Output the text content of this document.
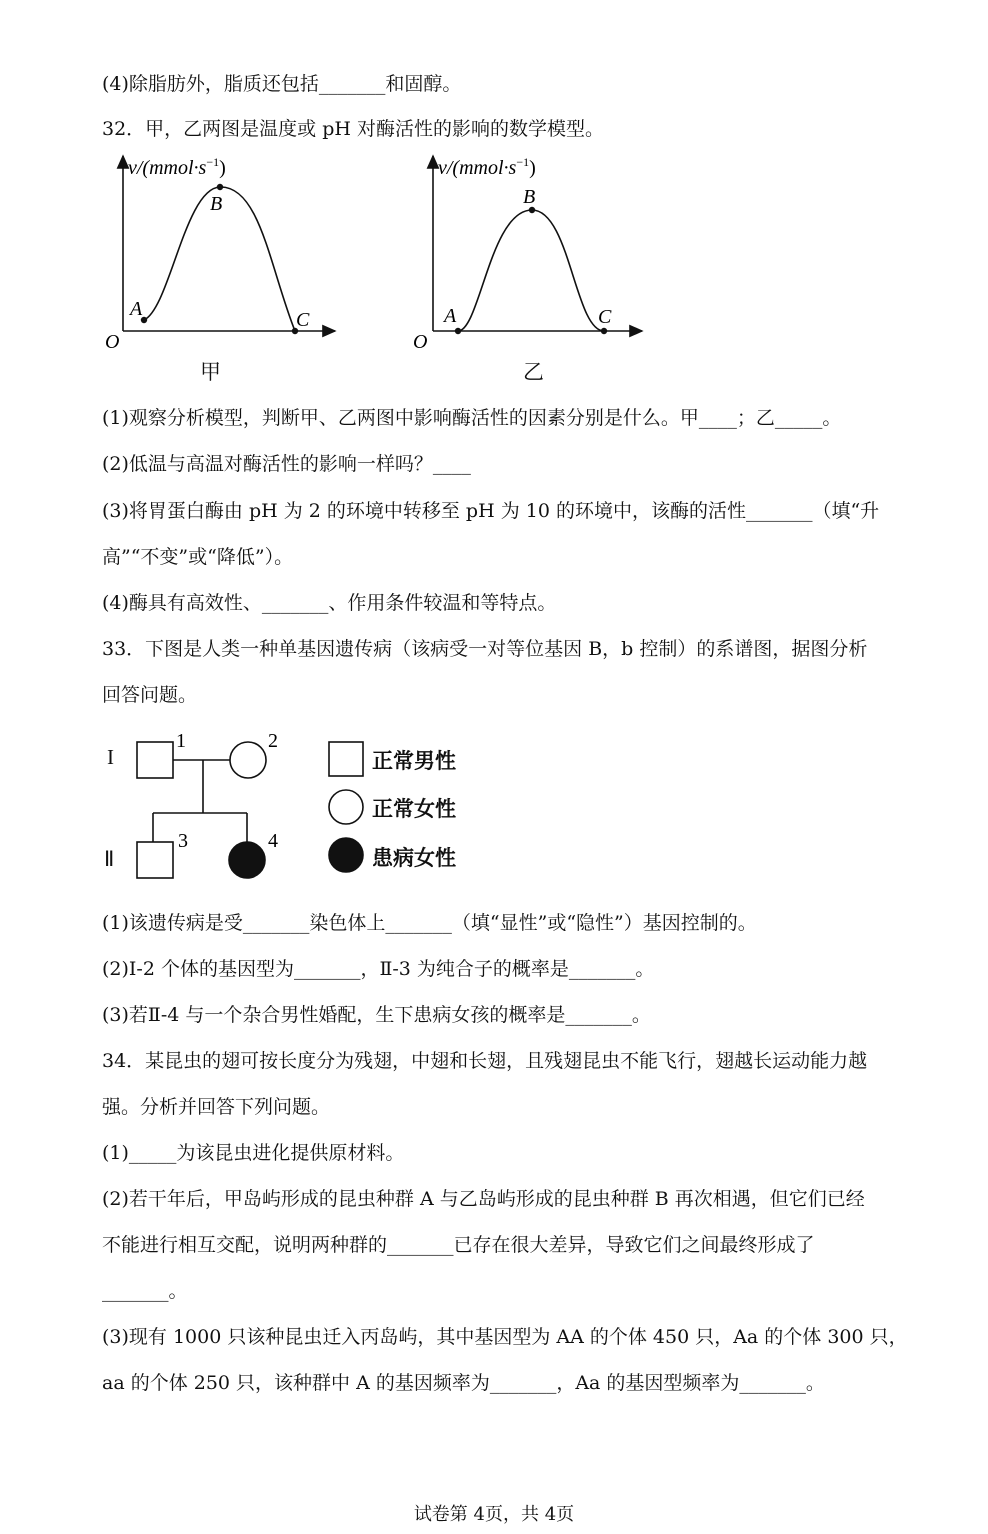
(4)除脂肪外，脂质还包括_______和固醇。
32．甲，乙两图是温度或 pH 对酶活性的影响的数学模型。
$v/(mmol\cdot s^{-1})$
O
A
B
C
甲
$v/(mmol\cdot s^{-1})$
O
A
B
C
乙
(1)观察分析模型，判断甲、乙两图中影响酶活性的因素分别是什么。甲____；乙_____。
(2)低温与高温对酶活性的影响一样吗？____
(3)将胃蛋白酶由 pH 为 2 的环境中转移至 pH 为 10 的环境中，该酶的活性_______（填“升
高”“不变”或“降低”）。
(4)酶具有高效性、_______、作用条件较温和等特点。
33．下图是人类一种单基因遗传病（该病受一对等位基因 B，b 控制）的系谱图，据图分析
回答问题。
1	2
3	4
I
Ⅱ
正常男性
正常女性
患病女性
(1)该遗传病是受_______染色体上_______（填“显性”或“隐性”）基因控制的。
(2)I-2 个体的基因型为_______，Ⅱ-3 为纯合子的概率是_______。
(3)若Ⅱ-4 与一个杂合男性婚配，生下患病女孩的概率是_______。
34．某昆虫的翅可按长度分为残翅，中翅和长翅，且残翅昆虫不能飞行，翅越长运动能力越
强。分析并回答下列问题。
(1)_____为该昆虫进化提供原材料。
(2)若干年后，甲岛屿形成的昆虫种群 A 与乙岛屿形成的昆虫种群 B 再次相遇，但它们已经
不能进行相互交配，说明两种群的_______已存在很大差异，导致它们之间最终形成了
_______。
(3)现有 1000 只该种昆虫迁入丙岛屿，其中基因型为 AA 的个体 450 只，Aa 的个体 300 只，
aa 的个体 250 只，该种群中 A 的基因频率为_______，Aa 的基因型频率为_______。
试卷第 4页，共 4页
